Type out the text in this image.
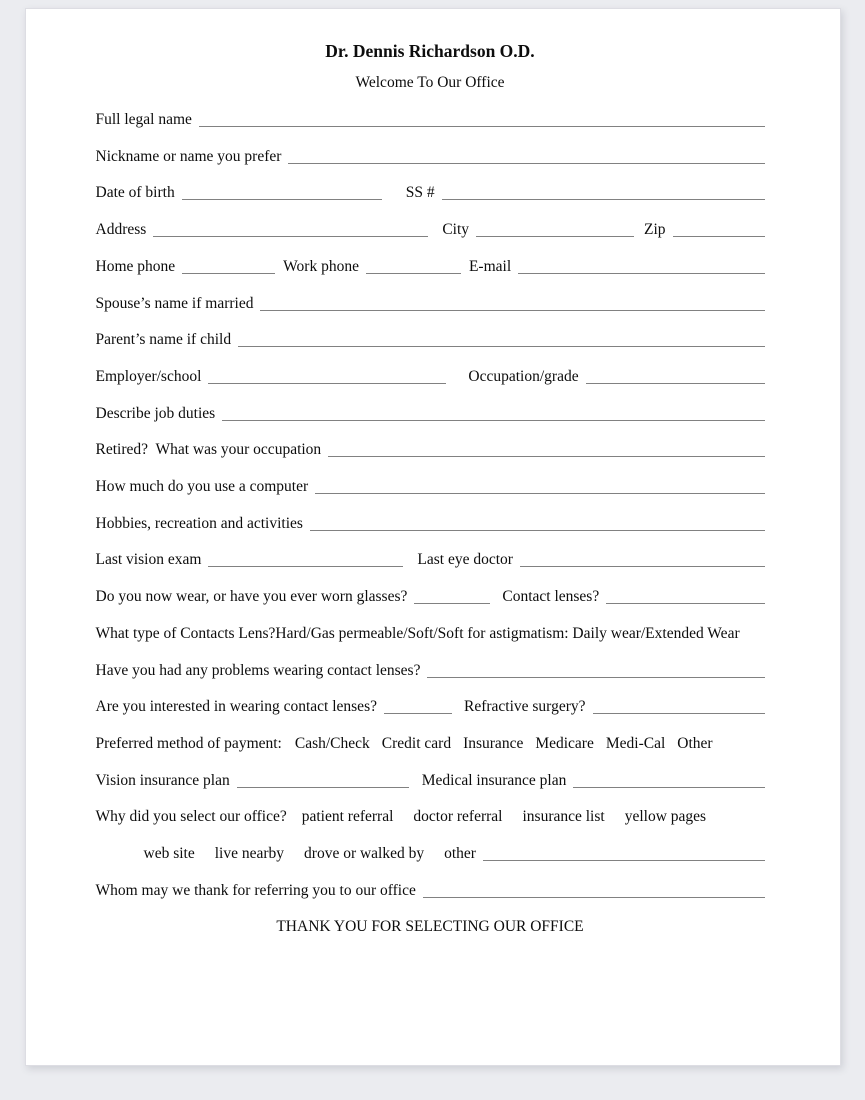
Dr. Dennis Richardson O.D.
Welcome To Our Office
Full legal name
Nickname or name you prefer
Date of birth	SS #
Address	City	Zip
Home phone	Work phone	E-mail
Spouse’s name if married
Parent’s name if child
Employer/school	Occupation/grade
Describe job duties
Retired?  What was your occupation
How much do you use a computer
Hobbies, recreation and activities
Last vision exam	Last eye doctor
Do you now wear, or have you ever worn glasses?	Contact lenses?
What type of Contacts Lens?Hard/Gas permeable/Soft/Soft for astigmatism: Daily wear/Extended Wear
Have you had any problems wearing contact lenses?
Are you interested in wearing contact lenses?	Refractive surgery?
Preferred method of payment: Cash/Check Credit card Insurance Medicare Medi-Cal Other
Vision insurance plan	Medical insurance plan
Why did you select our office? patient referral doctor referral insurance list yellow pages
web site live nearby drove or walked by other
Whom may we thank for referring you to our office
THANK YOU FOR SELECTING OUR OFFICE
